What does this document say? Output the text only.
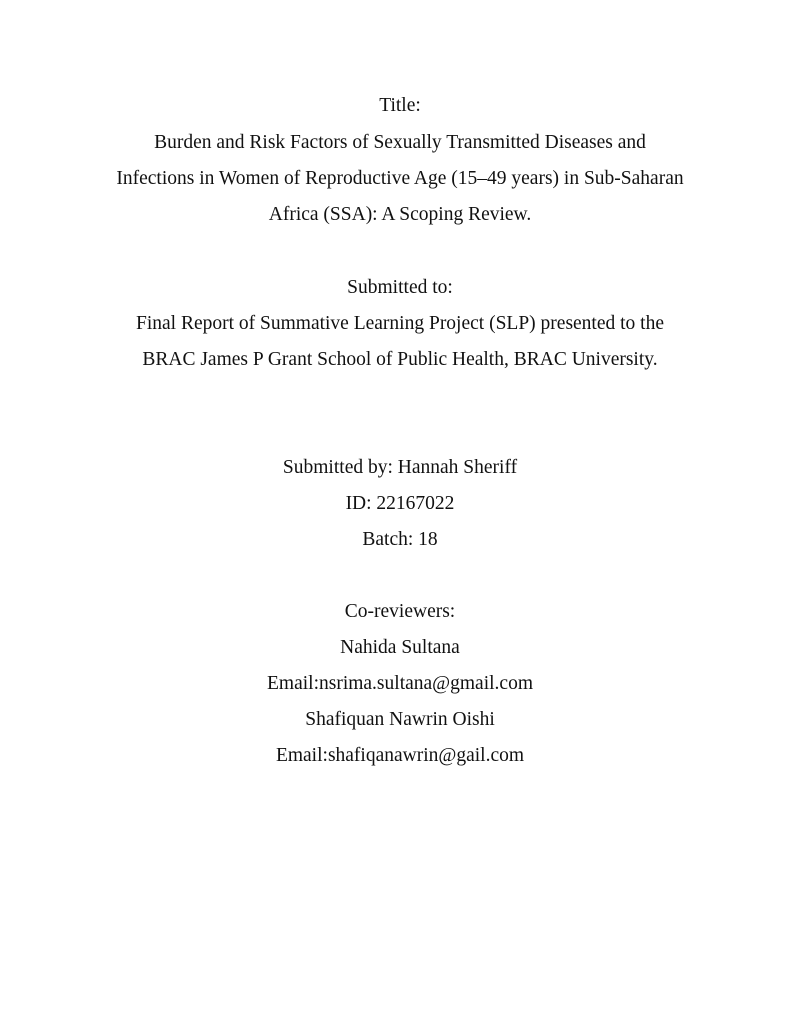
Title:
Burden and Risk Factors of Sexually Transmitted Diseases and
Infections in Women of Reproductive Age (15–49 years) in Sub-Saharan
Africa (SSA): A Scoping Review.
Submitted to:
Final Report of Summative Learning Project (SLP) presented to the
BRAC James P Grant School of Public Health, BRAC University.
Submitted by: Hannah Sheriff
ID: 22167022
Batch: 18
Co-reviewers:
Nahida Sultana
Email:nsrima.sultana@gmail.com
Shafiquan Nawrin Oishi
Email:shafiqanawrin@gail.com
